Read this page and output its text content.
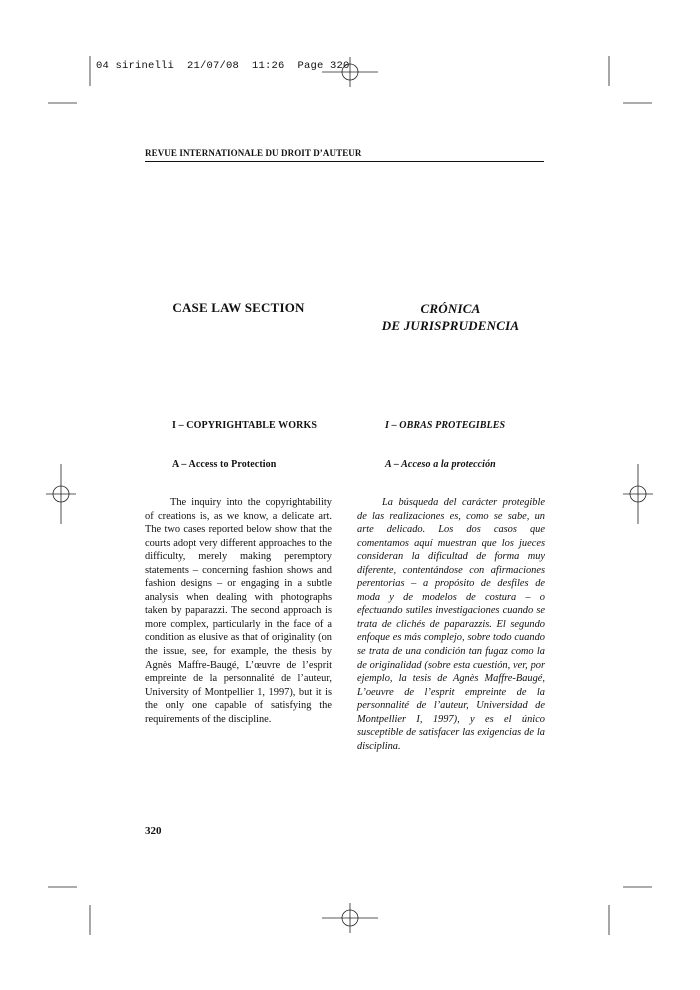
04 sirinelli  21/07/08  11:26  Page 320
REVUE INTERNATIONALE DU DROIT D’AUTEUR
CASE LAW SECTION	CRÓNICA
DE JURISPRUDENCIA
I – COPYRIGHTABLE WORKS	I – OBRAS PROTEGIBLES
A – Access to Protection	A – Acceso a la protección

The inquiry into the copyrightability of creations is, as we know, a delicate art. The two cases reported below show that the courts adopt very different approaches to the difficulty, merely making peremptory statements – concerning fashion shows and fashion designs – or engaging in a subtle analysis when dealing with photographs taken by paparazzi. The second approach is more complex, particularly in the face of a condition as elusive as that of originality (on the issue, see, for example, the thesis by Agnès Maffre-Baugé, L’œuvre de l’esprit empreinte de la personnalité de l’auteur, University of Montpellier 1, 1997), but it is the only one capable of satisfying the requirements of the discipline.

La búsqueda del carácter protegible de las realizaciones es, como se sabe, un arte delicado. Los dos casos que comentamos aquí muestran que los jueces consideran la dificultad de forma muy diferente, contentándose con afirmaciones perentorias – a propósito de desfiles de moda y de modelos de costura – o efectuando sutiles investigaciones cuando se trata de clichés de paparazzis. El segundo enfoque es más complejo, sobre todo cuando se trata de una condición tan fugaz como la de originalidad (sobre esta cuestión, ver, por ejemplo, la tesis de Agnès Maffre-Baugé, L’oeuvre de l’esprit empreinte de la personnalité de l’auteur, Universidad de Montpellier I, 1997), y es el único susceptible de satisfacer las exigencias de la disciplina.

320
